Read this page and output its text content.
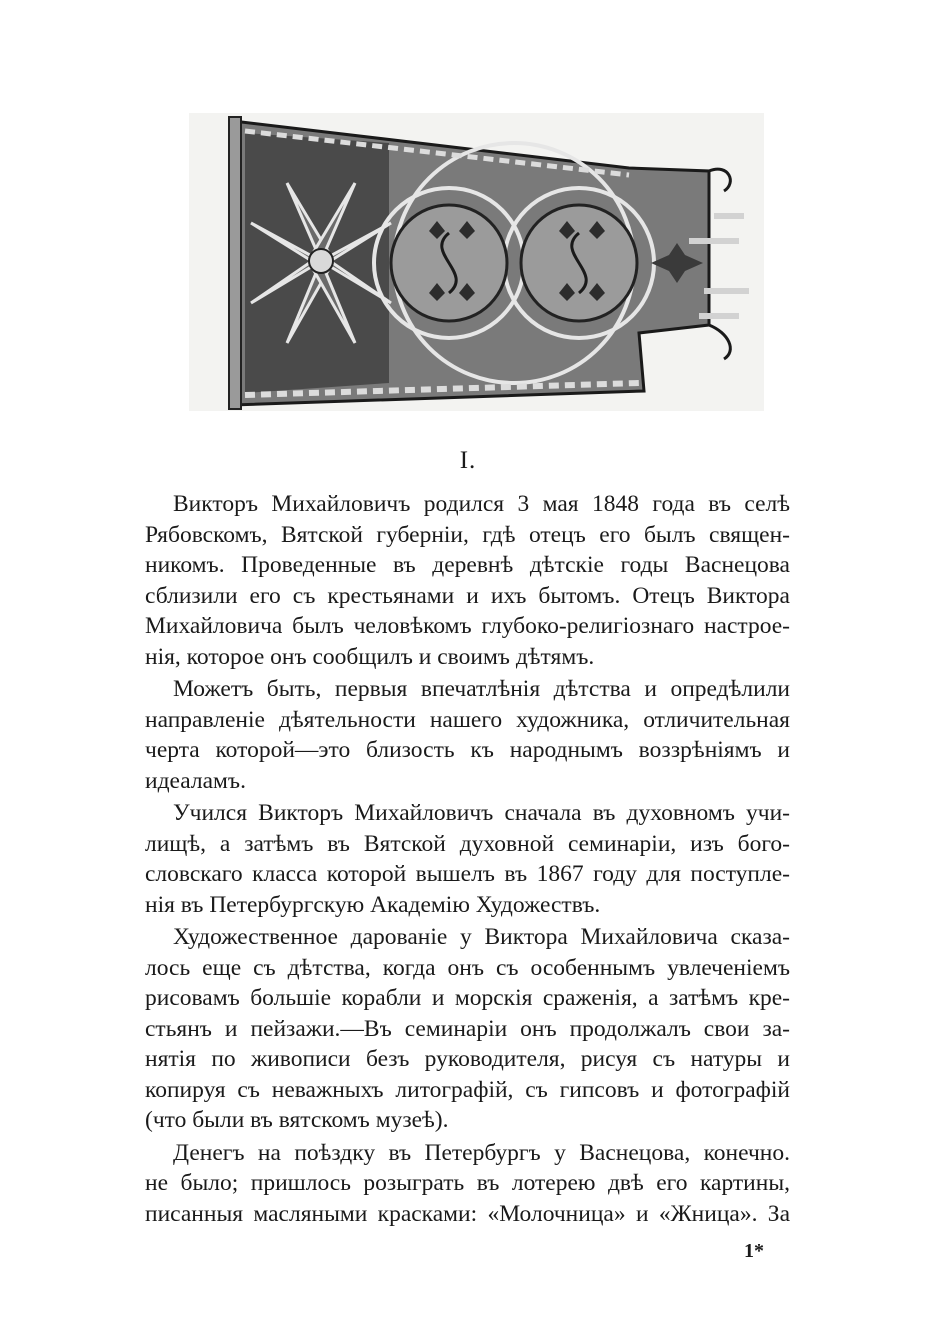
I.
Викторъ Михайловичъ родился 3 мая 1848 года въ селѣ
Рябовскомъ, Вятской губерніи, гдѣ отецъ его былъ священ-
никомъ. Проведенные въ деревнѣ дѣтскіе годы Васнецова
сблизили его съ крестьянами и ихъ бытомъ. Отецъ Виктора
Михайловича былъ человѣкомъ глубоко-религіознаго настрое-
нія, которое онъ сообщилъ и своимъ дѣтямъ.
Можетъ быть, первыя впечатлѣнія дѣтства и опредѣлили
направленіе дѣятельности нашего художника, отличительная
черта которой—это близость къ народнымъ воззрѣніямъ и
идеаламъ.
Учился Викторъ Михайловичъ сначала въ духовномъ учи-
лищѣ, а затѣмъ въ Вятской духовной семинаріи, изъ бого-
словскаго класса которой вышелъ въ 1867 году для поступле-
нія въ Петербургскую Академію Художествъ.
Художественное дарованіе у Виктора Михайловича сказа-
лось еще съ дѣтства, когда онъ съ особеннымъ увлеченіемъ
рисовамъ большіе корабли и морскія сраженія, а затѣмъ кре-
стьянъ и пейзажи.—Въ семинаріи онъ продолжалъ свои за-
нятія по живописи безъ руководителя, рисуя съ натуры и
копируя съ неважныхъ литографій, съ гипсовъ и фотографій
(что были въ вятскомъ музеѣ).
Денегъ на поѣздку въ Петербургъ у Васнецова, конечно.
не было; пришлось розыграть въ лотерею двѣ его картины,
писанныя масляными красками: «Молочница» и «Жница». За
1*
